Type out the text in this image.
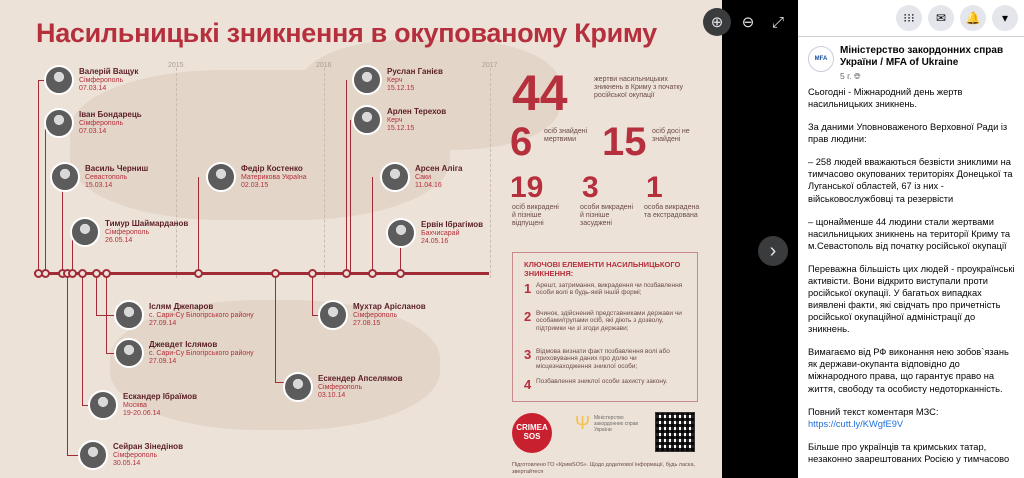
Насильницькі зникнення в окупованому Криму
2015	2016	2017
Валерій Ващук
Сімферополь
07.03.14
Іван Бондарець
Сімферополь
07.03.14
Василь Черниш
Севастополь
15.03.14
Тимур Шаймарданов
Сімферополь
26.05.14
Федір Костенко
Материкова Україна
02.03.15
Руслан Ганієв
Керч
15.12.15
Арлен Терехов
Керч
15.12.15
Арсен Аліга
Саки
11.04.16
Ервін Ібрагімов
Бахчисарай
24.05.16
Іслям Джепаров
с. Сари-Су Білогірського району
27.09.14
Джевдет Іслямов
с. Сари-Су Білогірського району
27.09.14
Мухтар Арісланов
Сімферополь
27.08.15
Ескендер Апселямов
Сімферополь
03.10.14
Ескандер Ібраїмов
Москва
19-20.06.14
Сейран Зінедінов
Сімферополь
30.05.14
44	жертви насильницьких зникнень в Криму з початку російської окупації
6 осіб знайдені мертвими 15 осіб досі не знайдені
19
осіб викрадені й пізніше відпущені
3
особи викрадені й пізніше засуджені
1
особа викрадена та екстрадована
КЛЮЧОВІ ЕЛЕМЕНТИ НАСИЛЬНИЦЬКОГО ЗНИКНЕННЯ:
1 Арешт, затримання, викрадення чи позбавлення особи волі в будь-якій іншій формі;
2 Вчинок, здійснений представниками держави чи особами/групами осіб, які діють з дозволу, підтримки чи зі згоди держави;
3 Відмова визнати факт позбавлення волі або приховування даних про долю чи місцезнаходження зниклої особи;
4 Позбавлення зниклої особи захисту закону.
CRIMEA
SOS
Ψ Міністерство закордонних справ України
Підготовлено ГО «КримSOS». Щодо додаткової інформації, будь ласка, звертайтеся
⊕	⊖	⤢
›
⁝⁝⁝	✉	🔔	▾
MFA
Міністерство закордонних справ України / MFA of Ukraine
5 г. 🌐︎

Сьогодні - Міжнародний день жертв насильницьких зникнень.

За даними Уповноваженого Верховної Ради із прав людини:

– 258 людей вважаються безвісти зниклими на тимчасово окупованих територіях Донецької та Луганської областей, 67 із них - військовослужбовці та резервісти

– щонайменше 44 людини стали жертвами насильницьких зникнень на території Криму та м.Севастополь від початку російської окупації

Переважна більшість цих людей - проукраїнські активісти. Вони відкрито виступали проти російської окупації. У багатьох випадках виявлені факти, які свідчать про причетність російської окупаційної адміністрації до зникнень.

Вимагаємо від РФ виконання нею зобов`язань як держави-окупанта відповідно до міжнародного права, що гарантує право на життя, свободу та особисту недоторканність.

Повний текст коментаря МЗС:
https://cutt.ly/KWgfE9V

Більше про українців та кримських татар, незаконно заарештованих Росією у тимчасово
